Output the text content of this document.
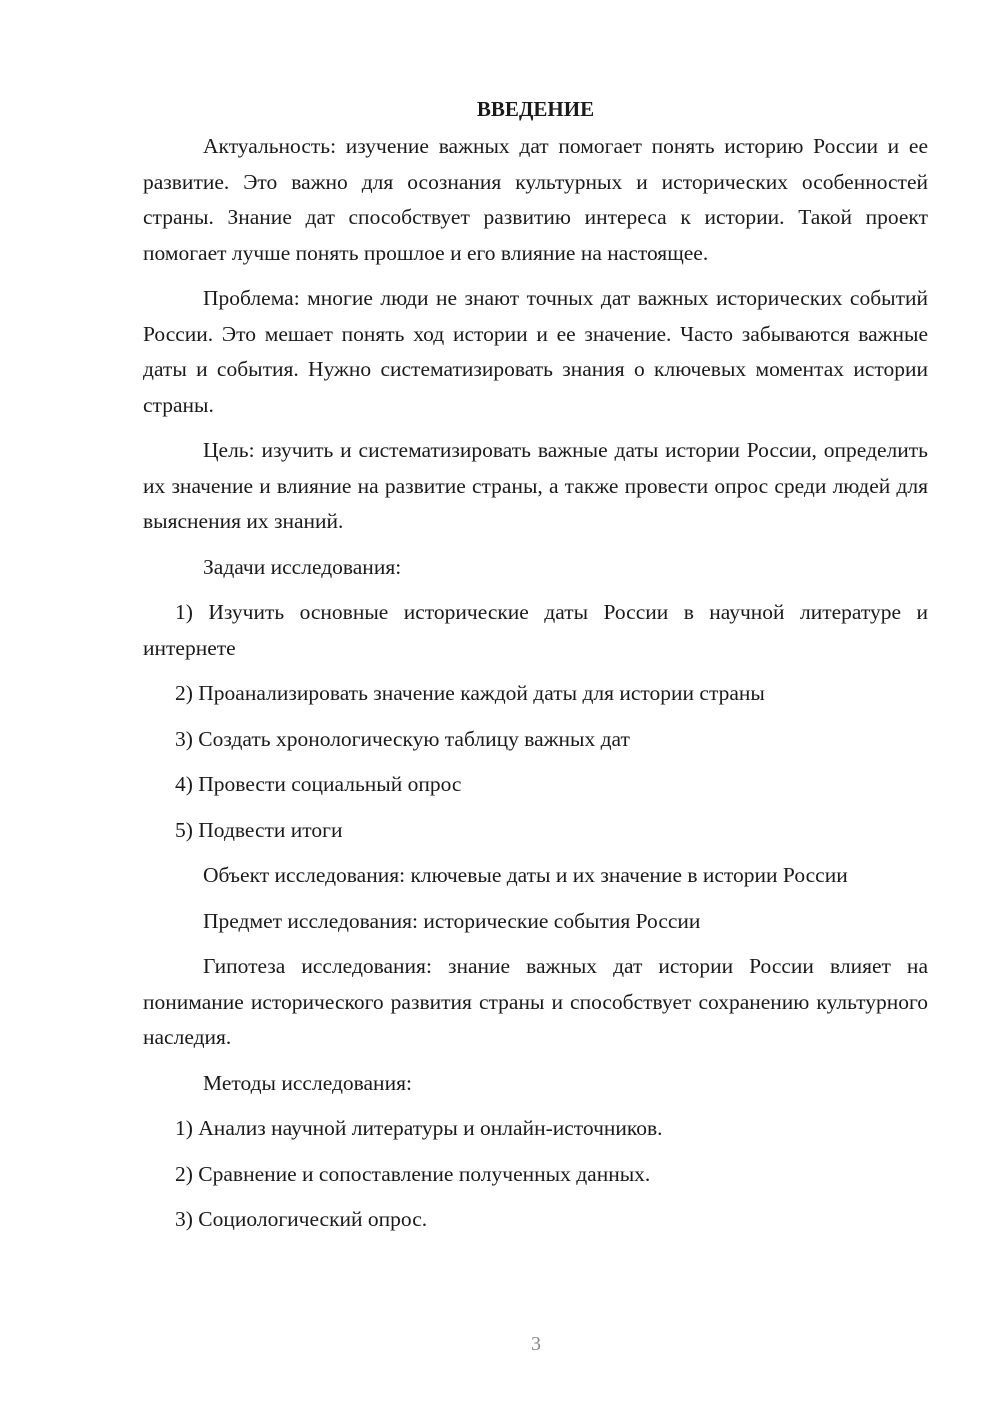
ВВЕДЕНИЕ

Актуальность: изучение важных дат помогает понять историю России и ее развитие. Это важно для осознания культурных и исторических особенностей страны. Знание дат способствует развитию интереса к истории. Такой проект помогает лучше понять прошлое и его влияние на настоящее.

Проблема: многие люди не знают точных дат важных исторических событий России. Это мешает понять ход истории и ее значение. Часто забываются важные даты и события. Нужно систематизировать знания о ключевых моментах истории страны.

Цель: изучить и систематизировать важные даты истории России, определить их значение и влияние на развитие страны, а также провести опрос среди людей для выяснения их знаний.

Задачи исследования:

1) Изучить основные исторические даты России в научной литературе и интернете

2) Проанализировать значение каждой даты для истории страны

3) Создать хронологическую таблицу важных дат

4) Провести социальный опрос

5) Подвести итоги

Объект исследования: ключевые даты и их значение в истории России

Предмет исследования: исторические события России

Гипотеза исследования: знание важных дат истории России влияет на понимание исторического развития страны и способствует сохранению культурного наследия.

Методы исследования:

1) Анализ научной литературы и онлайн-источников.

2) Сравнение и сопоставление полученных данных.

3) Социологический опрос.

3
